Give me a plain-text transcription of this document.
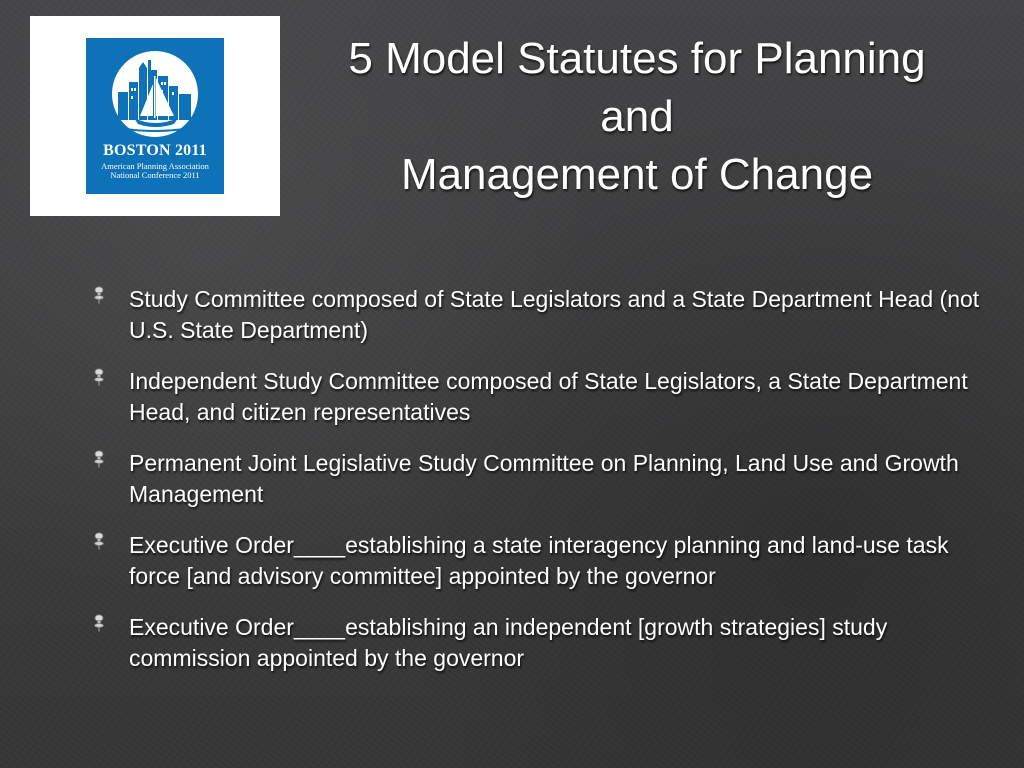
BOSTON 2011
American Planning Association
National Conference 2011
5 Model Statutes for Planning
and
Management of Change
Study Committee composed of State Legislators and a State Department Head (not U.S. State Department)
Independent Study Committee composed of State Legislators, a State Department Head, and citizen representatives
Permanent Joint Legislative Study Committee on Planning, Land Use and Growth Management
Executive Order____establishing a state interagency planning and land-use task force [and advisory committee] appointed by the governor
Executive Order____establishing an independent [growth strategies] study commission appointed by the governor
